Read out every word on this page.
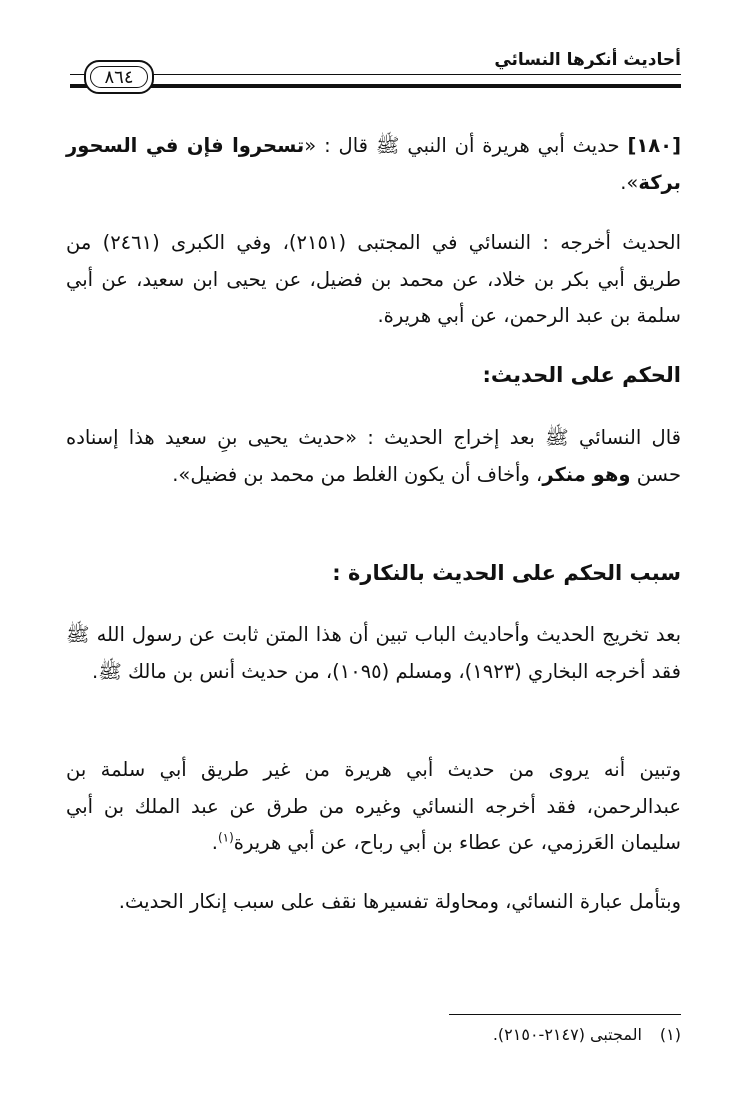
أحاديث أنكرها النسائي
٨٦٤

[١٨٠] حديث أبي هريرة أن النبي ﷺ قال : «تسحروا فإن في السحور بركة».

الحديث أخرجه : النسائي في المجتبى (٢١٥١)، وفي الكبرى (٢٤٦١) من طريق أبي بكر بن خلاد، عن محمد بن فضيل، عن يحيى ابن سعيد، عن أبي سلمة بن عبد الرحمن، عن أبي هريرة.

الحكم على الحديث:

قال النسائي ﷺ بعد إخراج الحديث : «حديث يحيى بنِ سعيد هذا إسناده حسن وهو منكر، وأخاف أن يكون الغلط من محمد بن فضيل».

سبب الحكم على الحديث بالنكارة :

بعد تخريج الحديث وأحاديث الباب تبين أن هذا المتن ثابت عن رسول الله ﷺ فقد أخرجه البخاري (١٩٢٣)، ومسلم (١٠٩٥)، من حديث أنس بن مالك ﷺ.

وتبين أنه يروى من حديث أبي هريرة من غير طريق أبي سلمة بن عبدالرحمن، فقد أخرجه النسائي وغيره من طرق عن عبد الملك بن أبي سليمان العَرزمي، عن عطاء بن أبي رباح، عن أبي هريرة$^{(١)}$.

وبتأمل عبارة النسائي، ومحاولة تفسيرها نقف على سبب إنكار الحديث.

(١)المجتبى (٢١٤٧-٢١٥٠).
